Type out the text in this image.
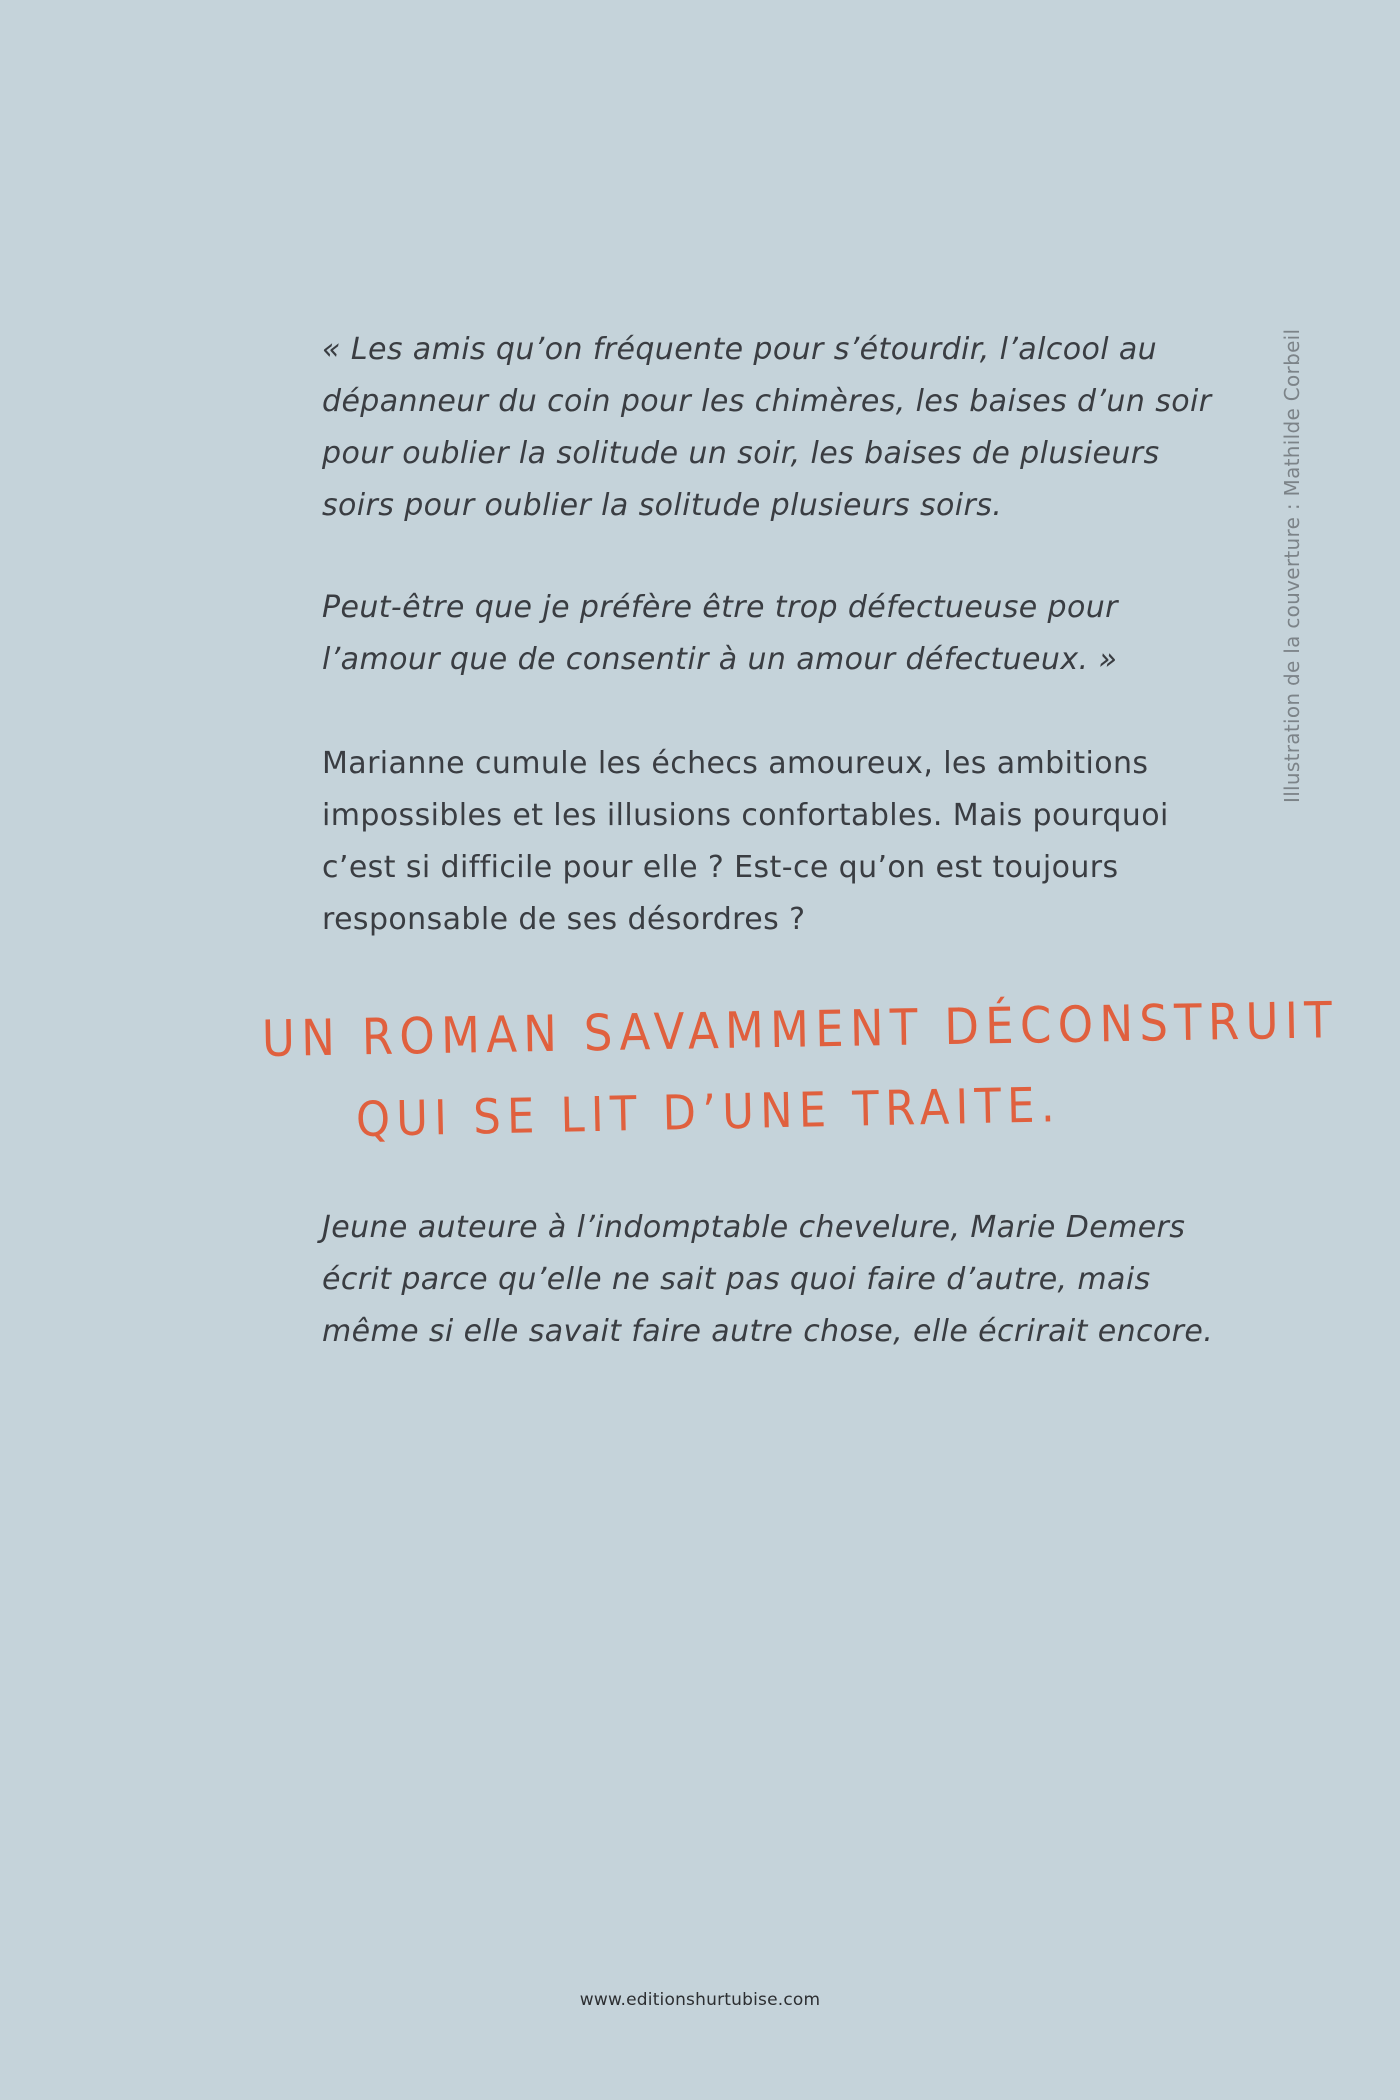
« Les amis qu’on fréquente pour s’étourdir, l’alcool au
dépanneur du coin pour les chimères, les baises d’un soir
pour oublier la solitude un soir, les baises de plusieurs
soirs pour oublier la solitude plusieurs soirs.
Peut-être que je préfère être trop défectueuse pour
l’amour que de consentir à un amour défectueux. »
Marianne cumule les échecs amoureux, les ambitions
impossibles et les illusions confortables. Mais pourquoi
c’est si difficile pour elle ? Est-ce qu’on est toujours
responsable de ses désordres ?
UN ROMAN SAVAMMENT DÉCONSTRUIT
QUI SE LIT D’UNE TRAITE.
Jeune auteure à l’indomptable chevelure, Marie Demers
écrit parce qu’elle ne sait pas quoi faire d’autre, mais
même si elle savait faire autre chose, elle écrirait encore.
Illustration de la couverture : Mathilde Corbeil
www.editionshurtubise.com
